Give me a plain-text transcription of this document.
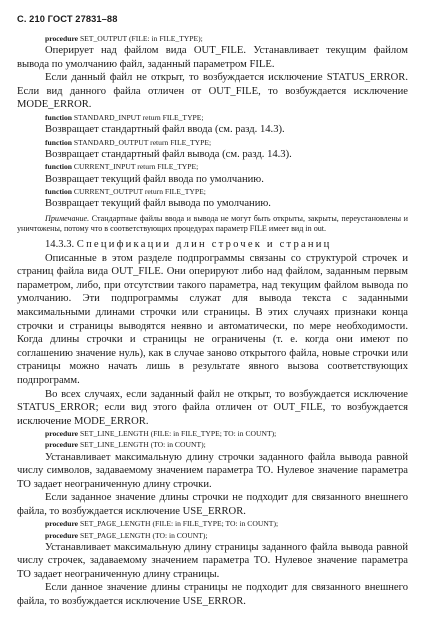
С. 210 ГОСТ 27831–88
procedure SET_OUTPUT (FILE: in FILE_TYPE);

Оперирует над файлом вида OUT_FILE. Устанавливает текущим файлом вывода по умолчанию файл, заданный параметром FILE.

Если данный файл не открыт, то возбуждается исключение STATUS_ERROR. Если вид данного файла отличен от OUT_FILE, то возбуждается исключение MODE_ERROR.

function STANDARD_INPUT return FILE_TYPE;
Возвращает стандартный файл ввода (см. разд. 14.3).
function STANDARD_OUTPUT return FILE_TYPE;
Возвращает стандартный файл вывода (см. разд. 14.3).
function CURRENT_INPUT return FILE_TYPE;
Возвращает текущий файл ввода по умолчанию.
function CURRENT_OUTPUT return FILE_TYPE;
Возвращает текущий файл вывода по умолчанию.

Примечание. Стандартные файлы ввода и вывода не могут быть открыты, закрыты, переустановлены и уничтожены, потому что в соответствующих процедурах параметр FILE имеет вид in out.

14.3.3. Спецификации длин строчек и страниц

Описанные в этом разделе подпрограммы связаны со структурой строчек и страниц файла вида OUT_FILE. Они оперируют либо над файлом, заданным первым параметром, либо, при отсутствии такого параметра, над текущим файлом вывода по умолчанию. Эти подпрограммы служат для вывода текста с заданными максимальными длинами строчки или страницы. В этих случаях признаки конца строчки и страницы выводятся неявно и автоматически, по мере необходимости. Когда длины строчки и страницы не ограничены (т. е. когда они имеют по соглашению значение нуль), как в случае заново открытого файла, новые строчки или страницы можно начать лишь в результате явного вызова соответствующих подпрограмм.

Во всех случаях, если заданный файл не открыт, то возбуждается исключение STATUS_ERROR; если вид этого файла отличен от OUT_FILE, то возбуждается исключение MODE_ERROR.

procedure SET_LINE_LENGTH (FILE: in FILE_TYPE; TO: in COUNT);
procedure SET_LINE_LENGTH (TO: in COUNT);

Устанавливает максимальную длину строчки заданного файла вывода равной числу символов, задаваемому значением параметра TO. Нулевое значение параметра TO задает неограниченную длину строчки.

Если заданное значение длины строчки не подходит для связанного внешнего файла, то возбуждается исключение USE_ERROR.

procedure SET_PAGE_LENGTH (FILE: in FILE_TYPE; TO: in COUNT);
procedure SET_PAGE_LENGTH (TO: in COUNT);

Устанавливает максимальную длину страницы заданного файла вывода равной числу строчек, задаваемому значением параметра TO. Нулевое значение параметра TO задает неограниченную длину страницы.

Если данное значение длины страницы не подходит для связанного внешнего файла, то возбуждается исключение USE_ERROR.
